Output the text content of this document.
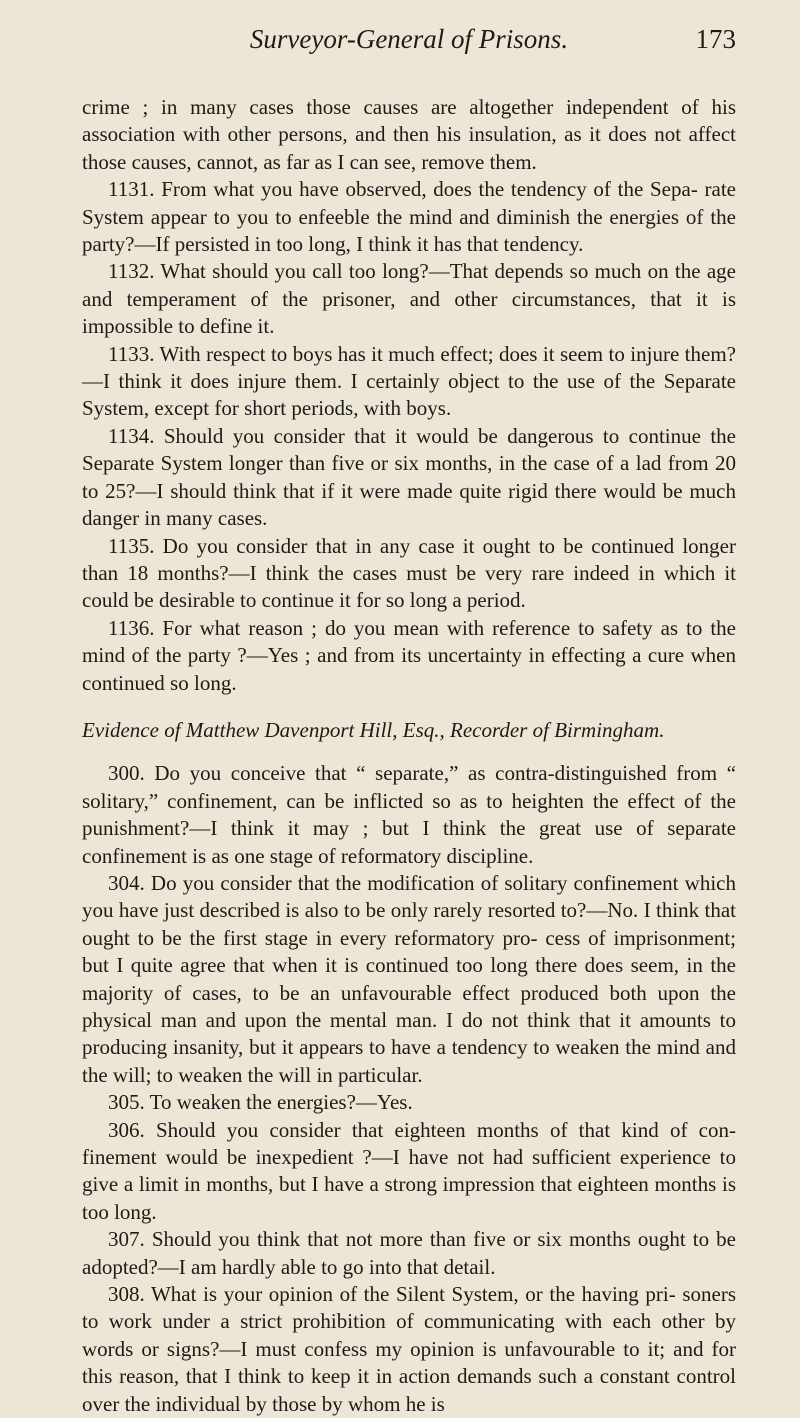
Surveyor-General of Prisons.	173

crime ; in many cases those causes are altogether independent of his association with other persons, and then his insulation, as it does not affect those causes, cannot, as far as I can see, remove them.

1131. From what you have observed, does the tendency of the Sepa- rate System appear to you to enfeeble the mind and diminish the energies of the party?—If persisted in too long, I think it has that tendency.

1132. What should you call too long?—That depends so much on the age and temperament of the prisoner, and other circumstances, that it is impossible to define it.

1133. With respect to boys has it much effect; does it seem to injure them?—I think it does injure them. I certainly object to the use of the Separate System, except for short periods, with boys.

1134. Should you consider that it would be dangerous to continue the Separate System longer than five or six months, in the case of a lad from 20 to 25?—I should think that if it were made quite rigid there would be much danger in many cases.

1135. Do you consider that in any case it ought to be continued longer than 18 months?—I think the cases must be very rare indeed in which it could be desirable to continue it for so long a period.

1136. For what reason ; do you mean with reference to safety as to the mind of the party ?—Yes ; and from its uncertainty in effecting a cure when continued so long.

Evidence of Matthew Davenport Hill, Esq., Recorder of Birmingham.

300. Do you conceive that “ separate,” as contra-distinguished from “ solitary,” confinement, can be inflicted so as to heighten the effect of the punishment?—I think it may ; but I think the great use of separate confinement is as one stage of reformatory discipline.

304. Do you consider that the modification of solitary confinement which you have just described is also to be only rarely resorted to?—No. I think that ought to be the first stage in every reformatory pro- cess of imprisonment; but I quite agree that when it is continued too long there does seem, in the majority of cases, to be an unfavourable effect produced both upon the physical man and upon the mental man. I do not think that it amounts to producing insanity, but it appears to have a tendency to weaken the mind and the will; to weaken the will in particular.

305. To weaken the energies?—Yes.

306. Should you consider that eighteen months of that kind of con- finement would be inexpedient ?—I have not had sufficient experience to give a limit in months, but I have a strong impression that eighteen months is too long.

307. Should you think that not more than five or six months ought to be adopted?—I am hardly able to go into that detail.

308. What is your opinion of the Silent System, or the having pri- soners to work under a strict prohibition of communicating with each other by words or signs?—I must confess my opinion is unfavourable to it; and for this reason, that I think to keep it in action demands such a constant control over the individual by those by whom he is
